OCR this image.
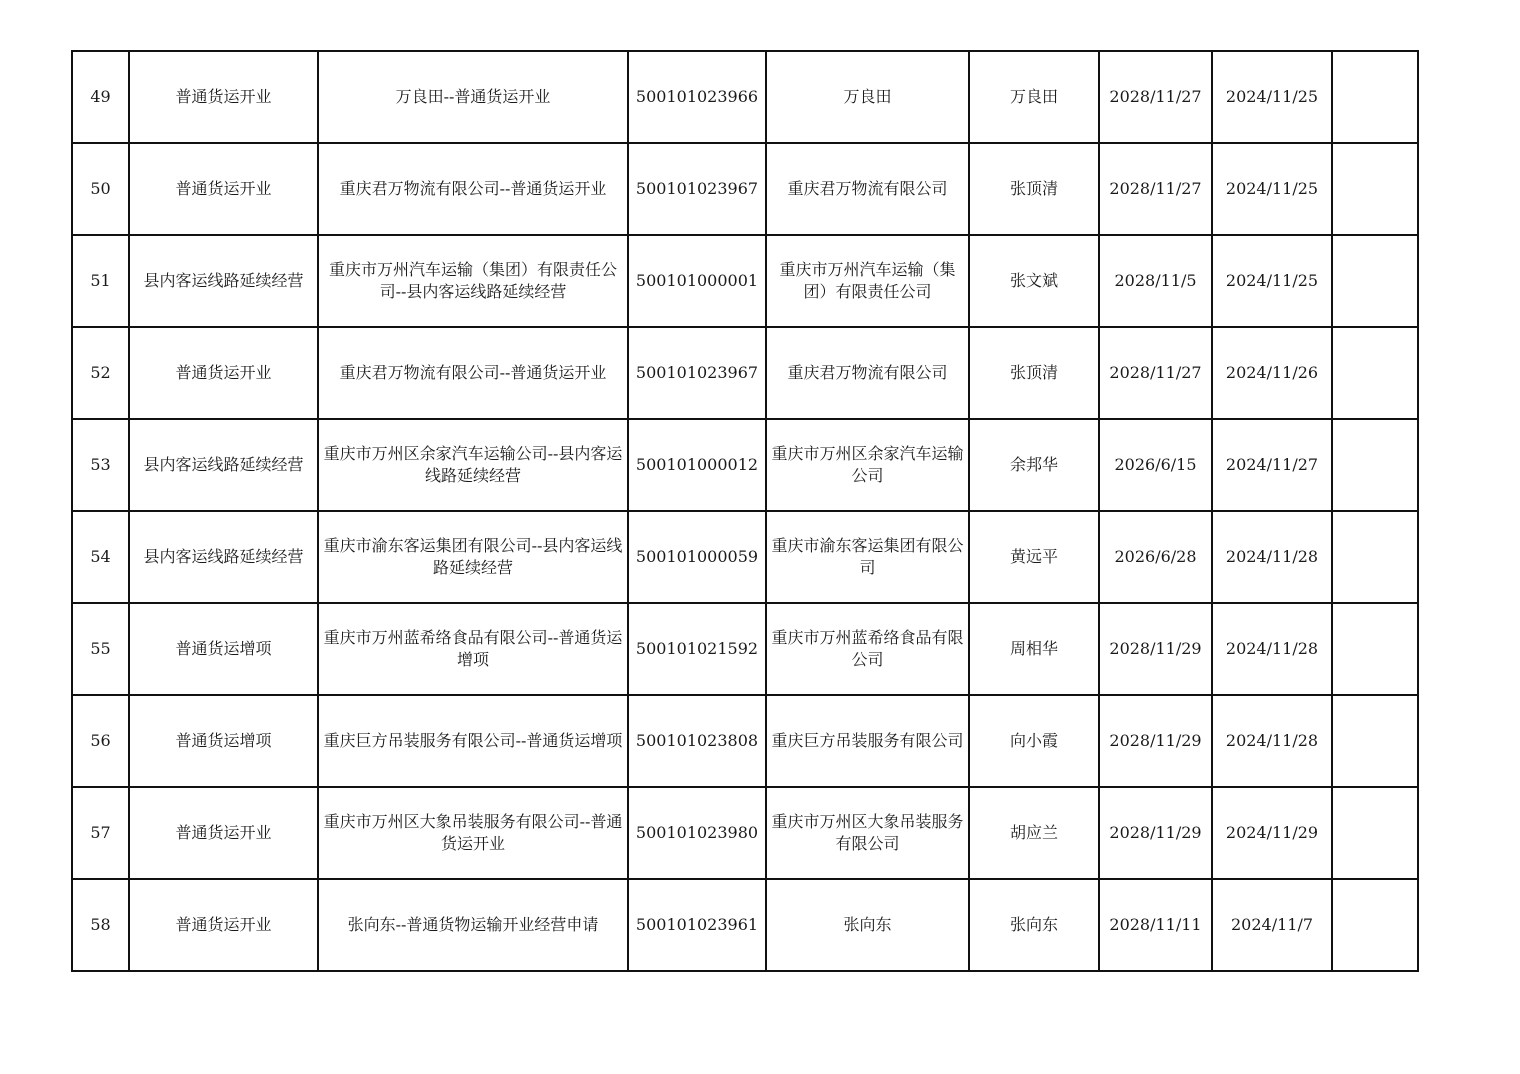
49	普通货运开业	万良田--普通货运开业	500101023966	万良田	万良田	2028/11/27	2024/11/25	
50	普通货运开业	重庆君万物流有限公司--普通货运开业	500101023967	重庆君万物流有限公司	张顶清	2028/11/27	2024/11/25	
51	县内客运线路延续经营	重庆市万州汽车运输（集团）有限责任公司--县内客运线路延续经营	500101000001	重庆市万州汽车运输（集团）有限责任公司	张文斌	2028/11/5	2024/11/25	
52	普通货运开业	重庆君万物流有限公司--普通货运开业	500101023967	重庆君万物流有限公司	张顶清	2028/11/27	2024/11/26	
53	县内客运线路延续经营	重庆市万州区余家汽车运输公司--县内客运线路延续经营	500101000012	重庆市万州区余家汽车运输公司	余邦华	2026/6/15	2024/11/27	
54	县内客运线路延续经营	重庆市渝东客运集团有限公司--县内客运线路延续经营	500101000059	重庆市渝东客运集团有限公司	黄远平	2026/6/28	2024/11/28	
55	普通货运增项	重庆市万州蓝希络食品有限公司--普通货运增项	500101021592	重庆市万州蓝希络食品有限公司	周相华	2028/11/29	2024/11/28	
56	普通货运增项	重庆巨方吊装服务有限公司--普通货运增项	500101023808	重庆巨方吊装服务有限公司	向小霞	2028/11/29	2024/11/28	
57	普通货运开业	重庆市万州区大象吊装服务有限公司--普通货运开业	500101023980	重庆市万州区大象吊装服务有限公司	胡应兰	2028/11/29	2024/11/29	
58	普通货运开业	张向东--普通货物运输开业经营申请	500101023961	张向东	张向东	2028/11/11	2024/11/7	
